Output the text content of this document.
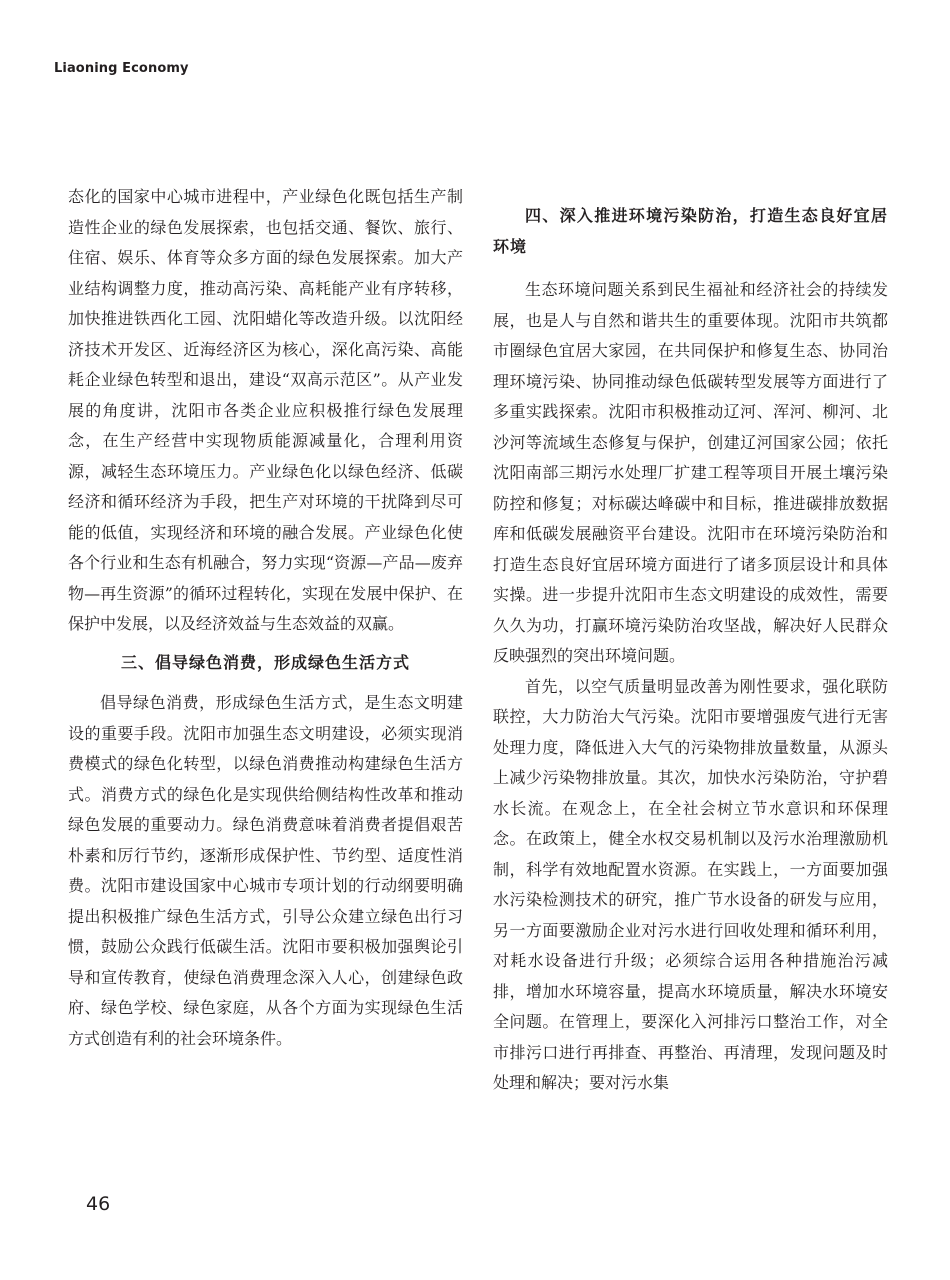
Liaoning Economy

态化的国家中心城市进程中，产业绿色化既包括生产制造性企业的绿色发展探索，也包括交通、餐饮、旅行、住宿、娱乐、体育等众多方面的绿色发展探索。加大产业结构调整力度，推动高污染、高耗能产业有序转移，加快推进铁西化工园、沈阳蜡化等改造升级。以沈阳经济技术开发区、近海经济区为核心，深化高污染、高能耗企业绿色转型和退出，建设“双高示范区”。从产业发展的角度讲，沈阳市各类企业应积极推行绿色发展理念，在生产经营中实现物质能源减量化，合理利用资源，减轻生态环境压力。产业绿色化以绿色经济、低碳经济和循环经济为手段，把生产对环境的干扰降到尽可能的低值，实现经济和环境的融合发展。产业绿色化使各个行业和生态有机融合，努力实现“资源—产品—废弃物—再生资源”的循环过程转化，实现在发展中保护、在保护中发展，以及经济效益与生态效益的双赢。

三、倡导绿色消费，形成绿色生活方式

倡导绿色消费，形成绿色生活方式，是生态文明建设的重要手段。沈阳市加强生态文明建设，必须实现消费模式的绿色化转型，以绿色消费推动构建绿色生活方式。消费方式的绿色化是实现供给侧结构性改革和推动绿色发展的重要动力。绿色消费意味着消费者提倡艰苦朴素和厉行节约，逐渐形成保护性、节约型、适度性消费。沈阳市建设国家中心城市专项计划的行动纲要明确提出积极推广绿色生活方式，引导公众建立绿色出行习惯，鼓励公众践行低碳生活。沈阳市要积极加强舆论引导和宣传教育，使绿色消费理念深入人心，创建绿色政府、绿色学校、绿色家庭，从各个方面为实现绿色生活方式创造有利的社会环境条件。

四、深入推进环境污染防治，打造生态良好宜居环境

生态环境问题关系到民生福祉和经济社会的持续发展，也是人与自然和谐共生的重要体现。沈阳市共筑都市圈绿色宜居大家园，在共同保护和修复生态、协同治理环境污染、协同推动绿色低碳转型发展等方面进行了多重实践探索。沈阳市积极推动辽河、浑河、柳河、北沙河等流域生态修复与保护，创建辽河国家公园；依托沈阳南部三期污水处理厂扩建工程等项目开展土壤污染防控和修复；对标碳达峰碳中和目标，推进碳排放数据库和低碳发展融资平台建设。沈阳市在环境污染防治和打造生态良好宜居环境方面进行了诸多顶层设计和具体实操。进一步提升沈阳市生态文明建设的成效性，需要久久为功，打赢环境污染防治攻坚战，解决好人民群众反映强烈的突出环境问题。

首先，以空气质量明显改善为刚性要求，强化联防联控，大力防治大气污染。沈阳市要增强废气进行无害处理力度，降低进入大气的污染物排放量数量，从源头上减少污染物排放量。其次，加快水污染防治，守护碧水长流。在观念上，在全社会树立节水意识和环保理念。在政策上，健全水权交易机制以及污水治理激励机制，科学有效地配置水资源。在实践上，一方面要加强水污染检测技术的研究，推广节水设备的研发与应用，另一方面要激励企业对污水进行回收处理和循环利用，对耗水设备进行升级；必须综合运用各种措施治污减排，增加水环境容量，提高水环境质量，解决水环境安全问题。在管理上，要深化入河排污口整治工作，对全市排污口进行再排查、再整治、再清理，发现问题及时处理和解决；要对污水集

46
